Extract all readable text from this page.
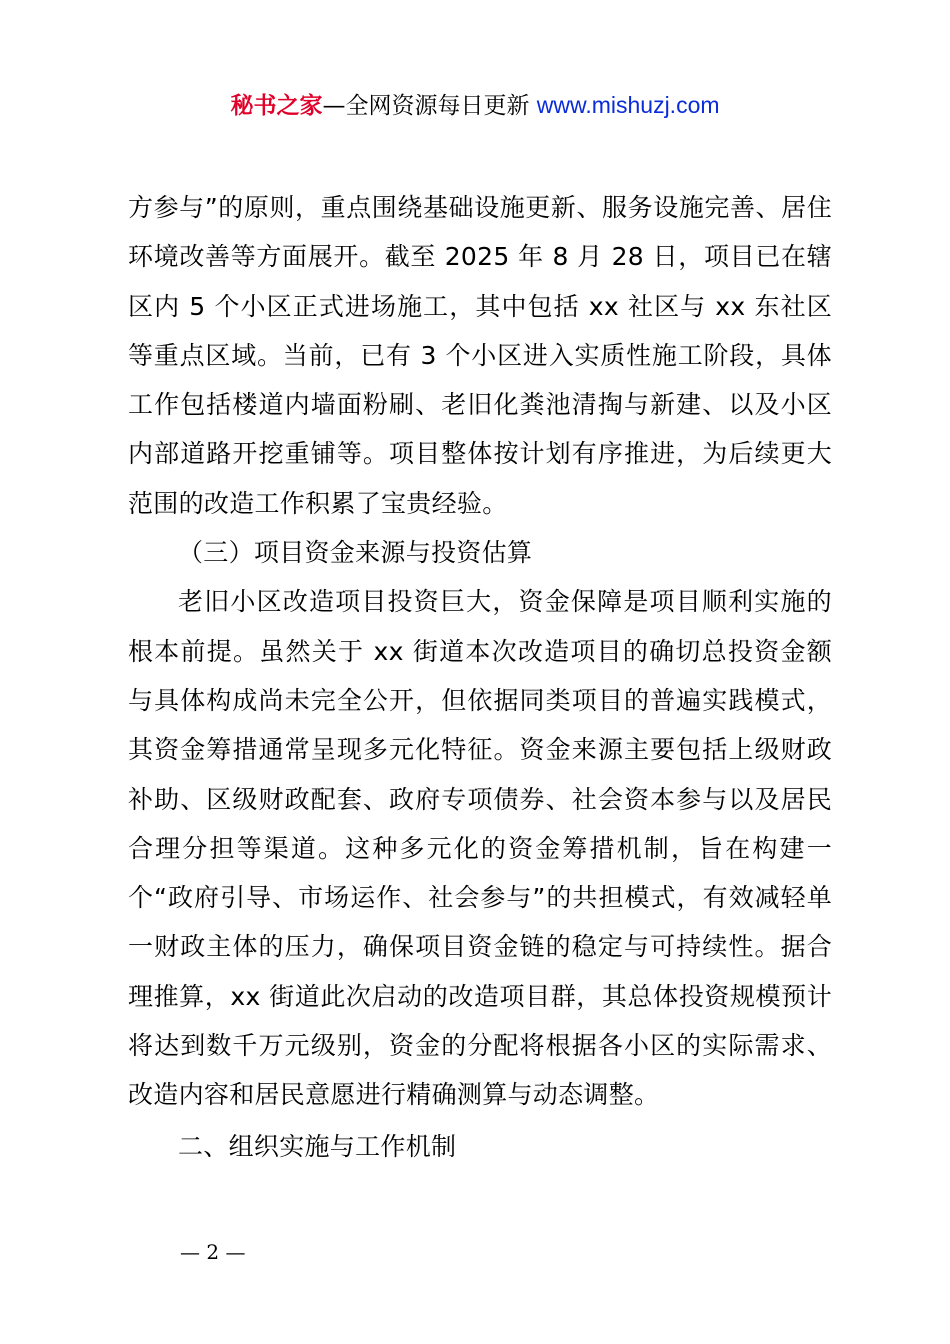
秘书之家—全网资源每日更新 www.mishuzj.com

方参与”的原则，重点围绕基础设施更新、服务设施完善、居住环境改善等方面展开。截至 2025 年 8 月 28 日，项目已在辖区内 5 个小区正式进场施工，其中包括 xx 社区与 xx 东社区等重点区域。当前，已有 3 个小区进入实质性施工阶段，具体工作包括楼道内墙面粉刷、老旧化粪池清掏与新建、以及小区内部道路开挖重铺等。项目整体按计划有序推进，为后续更大范围的改造工作积累了宝贵经验。

（三）项目资金来源与投资估算

老旧小区改造项目投资巨大，资金保障是项目顺利实施的根本前提。虽然关于 xx 街道本次改造项目的确切总投资金额与具体构成尚未完全公开，但依据同类项目的普遍实践模式，其资金筹措通常呈现多元化特征。资金来源主要包括上级财政补助、区级财政配套、政府专项债券、社会资本参与以及居民合理分担等渠道。这种多元化的资金筹措机制，旨在构建一个“政府引导、市场运作、社会参与”的共担模式，有效减轻单一财政主体的压力，确保项目资金链的稳定与可持续性。据合理推算，xx 街道此次启动的改造项目群，其总体投资规模预计将达到数千万元级别，资金的分配将根据各小区的实际需求、改造内容和居民意愿进行精确测算与动态调整。

二、组织实施与工作机制

— 2 —
